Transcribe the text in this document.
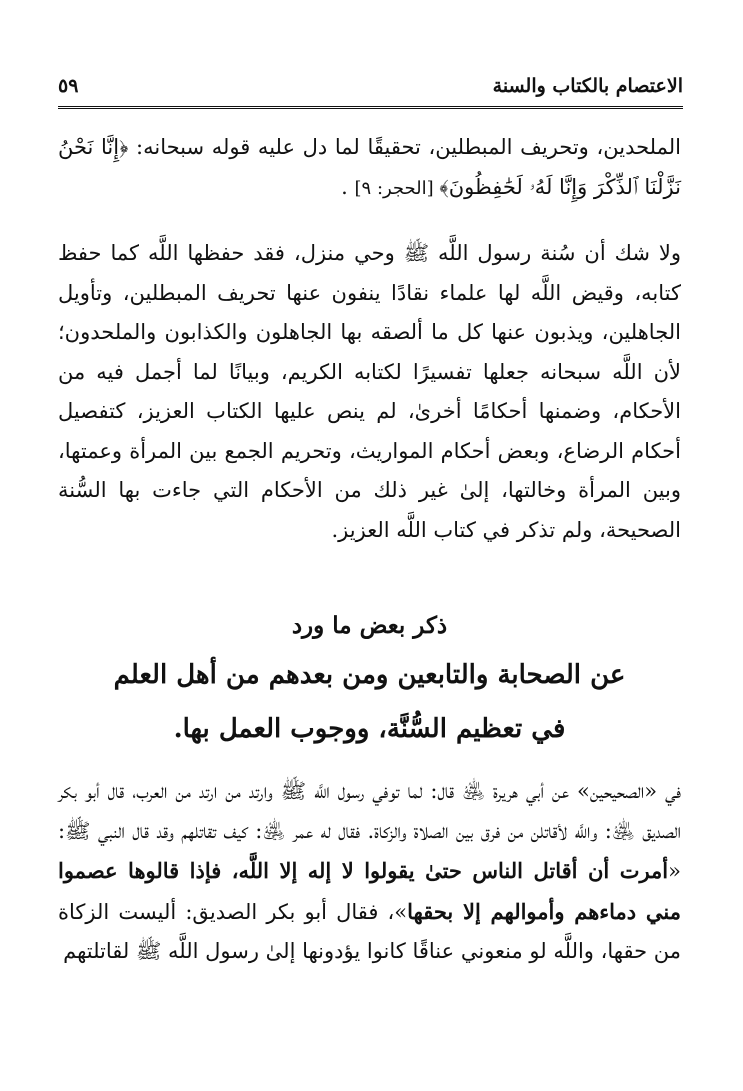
الاعتصام بالكتاب والسنة
٥٩

الملحدين، وتحريف المبطلين، تحقيقًا لما دل عليه قوله سبحانه: ﴿إِنَّا نَحْنُ نَزَّلْنَا ٱلذِّكْرَ وَإِنَّا لَهُۥ لَحَٰفِظُونَ﴾ [الحجر: ٩] .

ولا شك أن سُنة رسول اللَّه ﷺ وحي منزل، فقد حفظها اللَّه كما حفظ كتابه، وقيض اللَّه لها علماء نقادًا ينفون عنها تحريف المبطلين، وتأويل الجاهلين، ويذبون عنها كل ما ألصقه بها الجاهلون والكذابون والملحدون؛ لأن اللَّه سبحانه جعلها تفسيرًا لكتابه الكريم، وبيانًا لما أجمل فيه من الأحكام، وضمنها أحكامًا أخرىٰ، لم ينص عليها الكتاب العزيز، كتفصيل أحكام الرضاع، وبعض أحكام المواريث، وتحريم الجمع بين المرأة وعمتها، وبين المرأة وخالتها، إلىٰ غير ذلك من الأحكام التي جاءت بها السُّنة الصحيحة، ولم تذكر في كتاب اللَّه العزيز.

ذكر بعض ما ورد
عن الصحابة والتابعين ومن بعدهم من أهل العلم
في تعظيم السُّنَّة، ووجوب العمل بها.

في «الصحيحين» عن أبي هريرة ﵁ قال: لما توفي رسول اللَّه ﷺ وارتد من ارتد من العرب، قال أبو بكر الصديق ﵁: واللَّه لأقاتلن من فرق بين الصلاة والزكاة. فقال له عمر ﵁: كيف تقاتلهم وقد قال النبي ﷺ: «أمرت أن أقاتل الناس حتىٰ يقولوا لا إله إلا اللَّه، فإذا قالوها عصموا مني دماءهم وأموالهم إلا بحقها»، فقال أبو بكر الصديق: أليست الزكاة من حقها، واللَّه لو منعوني عناقًا كانوا يؤدونها إلىٰ رسول اللَّه ﷺ لقاتلتهم
